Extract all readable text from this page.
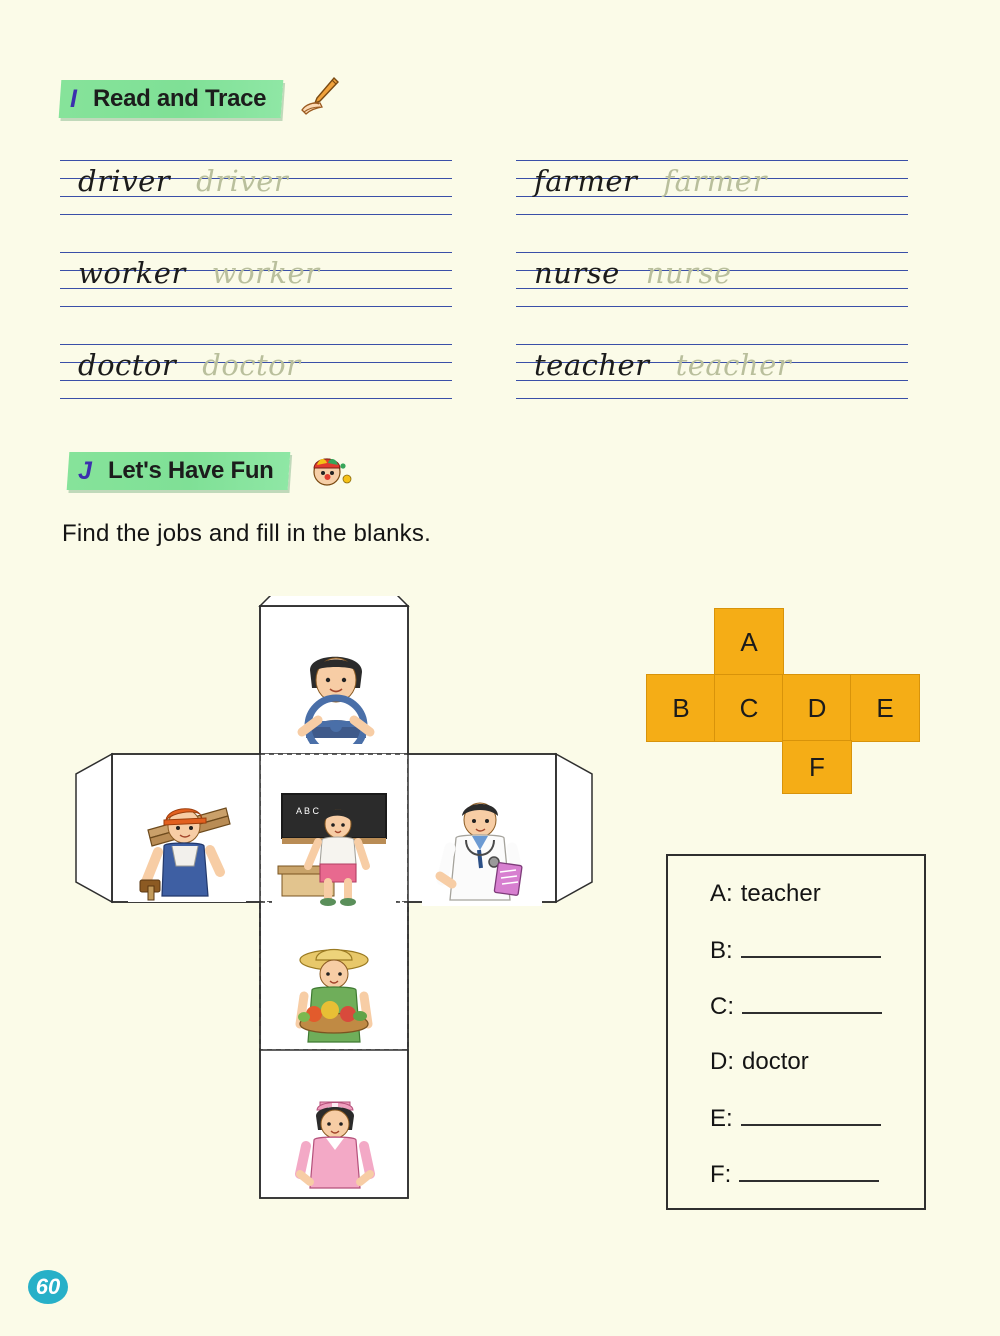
I Read and Trace
driver driver
worker worker
doctor doctor
farmer farmer
nurse nurse
teacher teacher
J Let's Have Fun
Find the jobs and fill in the blanks.
A B C
A
B	C	D	E
F
A: teacher
B:
C:
D: doctor
E:
F:
60
